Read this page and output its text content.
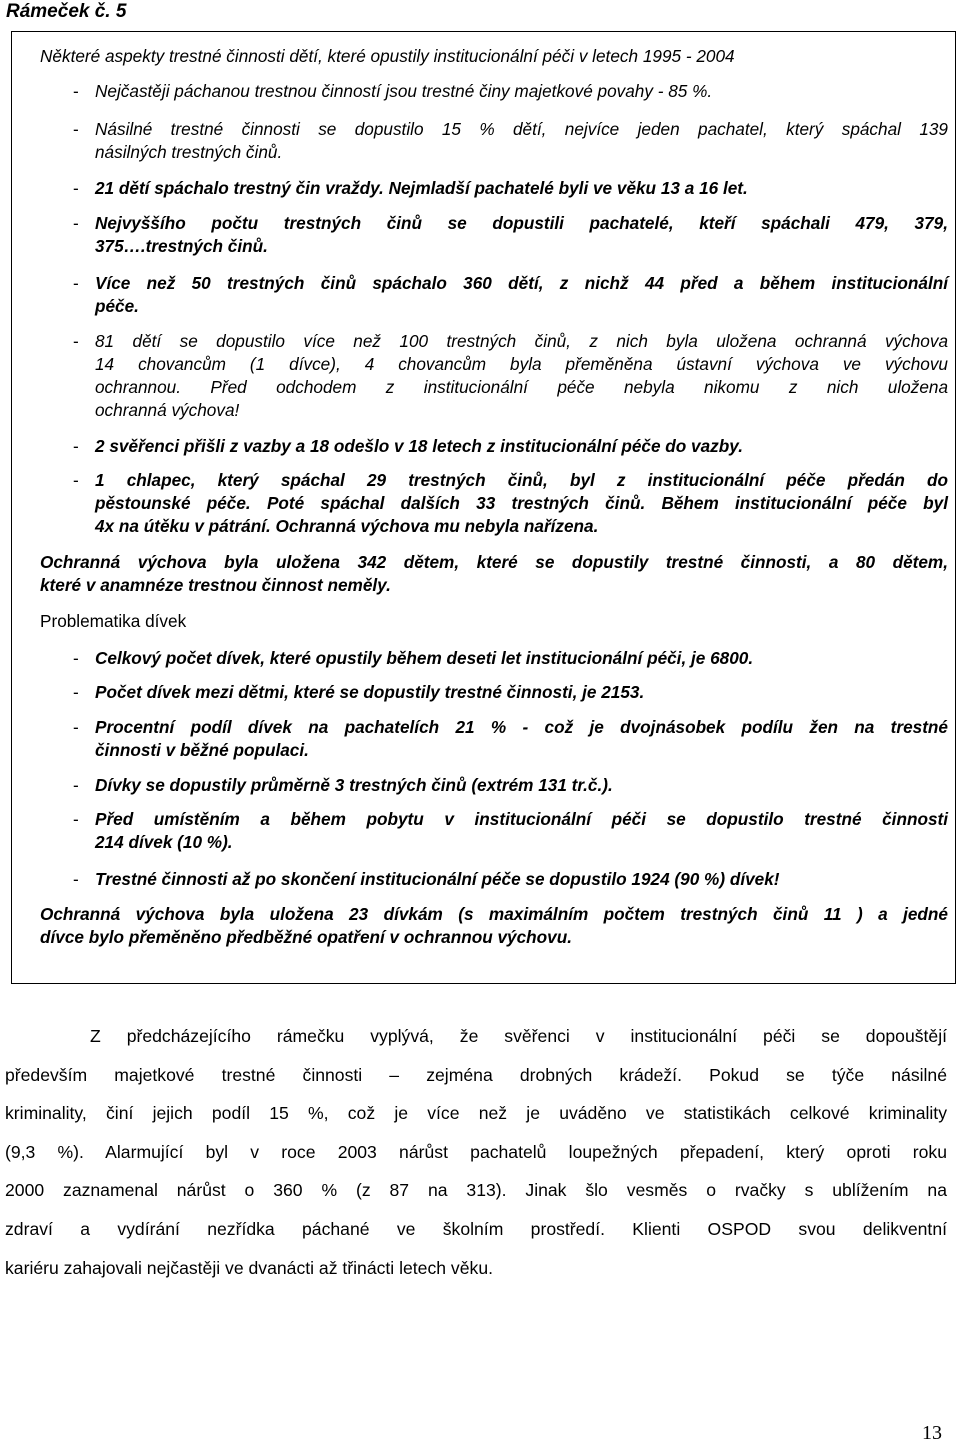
Rámeček č. 5

Některé aspekty trestné činnosti dětí, které opustily institucionální péči v letech 1995 - 2004

- Nejčastěji páchanou trestnou činností jsou trestné činy majetkové povahy - 85 %.

- Násilné trestné činnosti se dopustilo 15 % dětí, nejvíce jeden pachatel, který spáchal 139
násilných trestných činů.

- 21 dětí spáchalo trestný čin vraždy. Nejmladší pachatelé byli ve věku 13 a 16 let.

- Nejvyššího počtu trestných činů se dopustili pachatelé, kteří spáchali 479, 379,
375….trestných činů.

- Více než 50 trestných činů spáchalo 360 dětí, z nichž 44 před a během institucionální
péče.

- 81 dětí se dopustilo více než 100 trestných činů, z nich byla uložena ochranná výchova
14 chovancům (1 dívce), 4 chovancům byla přeměněna ústavní výchova ve výchovu
ochrannou. Před odchodem z institucionální péče nebyla nikomu z nich uložena
ochranná výchova!

- 2 svěřenci přišli z vazby a 18 odešlo v 18 letech z institucionální péče do vazby.

- 1 chlapec, který spáchal 29 trestných činů, byl z institucionální péče předán do
pěstounské péče. Poté spáchal dalších 33 trestných činů. Během institucionální péče byl
4x na útěku v pátrání. Ochranná výchova mu nebyla nařízena.

Ochranná výchova byla uložena 342 dětem, které se dopustily trestné činnosti, a 80 dětem,
které v anamnéze trestnou činnost neměly.

Problematika dívek

- Celkový počet dívek, které opustily během deseti let institucionální péči, je 6800.

- Počet dívek mezi dětmi, které se dopustily trestné činnosti, je 2153.

- Procentní podíl dívek na pachatelích 21 % - což je dvojnásobek podílu žen na trestné
činnosti v běžné populaci.

- Dívky se dopustily průměrně 3 trestných činů (extrém 131 tr.č.).

- Před umístěním a během pobytu v institucionální péči se dopustilo trestné činnosti
214 dívek (10 %).

- Trestné činnosti až po skončení institucionální péče se dopustilo 1924 (90 %) dívek!

Ochranná výchova byla uložena 23 dívkám (s maximálním počtem trestných činů 11 ) a jedné
dívce bylo přeměněno předběžné opatření v ochrannou výchovu.

Z předcházejícího rámečku vyplývá, že svěřenci v institucionální péči se dopouštějí
především majetkové trestné činnosti – zejména drobných krádeží. Pokud se týče násilné
kriminality, činí jejich podíl 15 %, což je více než je uváděno ve statistikách celkové kriminality
(9,3 %). Alarmující byl v roce 2003 nárůst pachatelů loupežných přepadení, který oproti roku
2000 zaznamenal nárůst o 360 % (z 87 na 313). Jinak šlo vesměs o rvačky s ublížením na
zdraví a vydírání nezřídka páchané ve školním prostředí. Klienti OSPOD svou delikventní
kariéru zahajovali nejčastěji ve dvanácti až třinácti letech věku.

13
